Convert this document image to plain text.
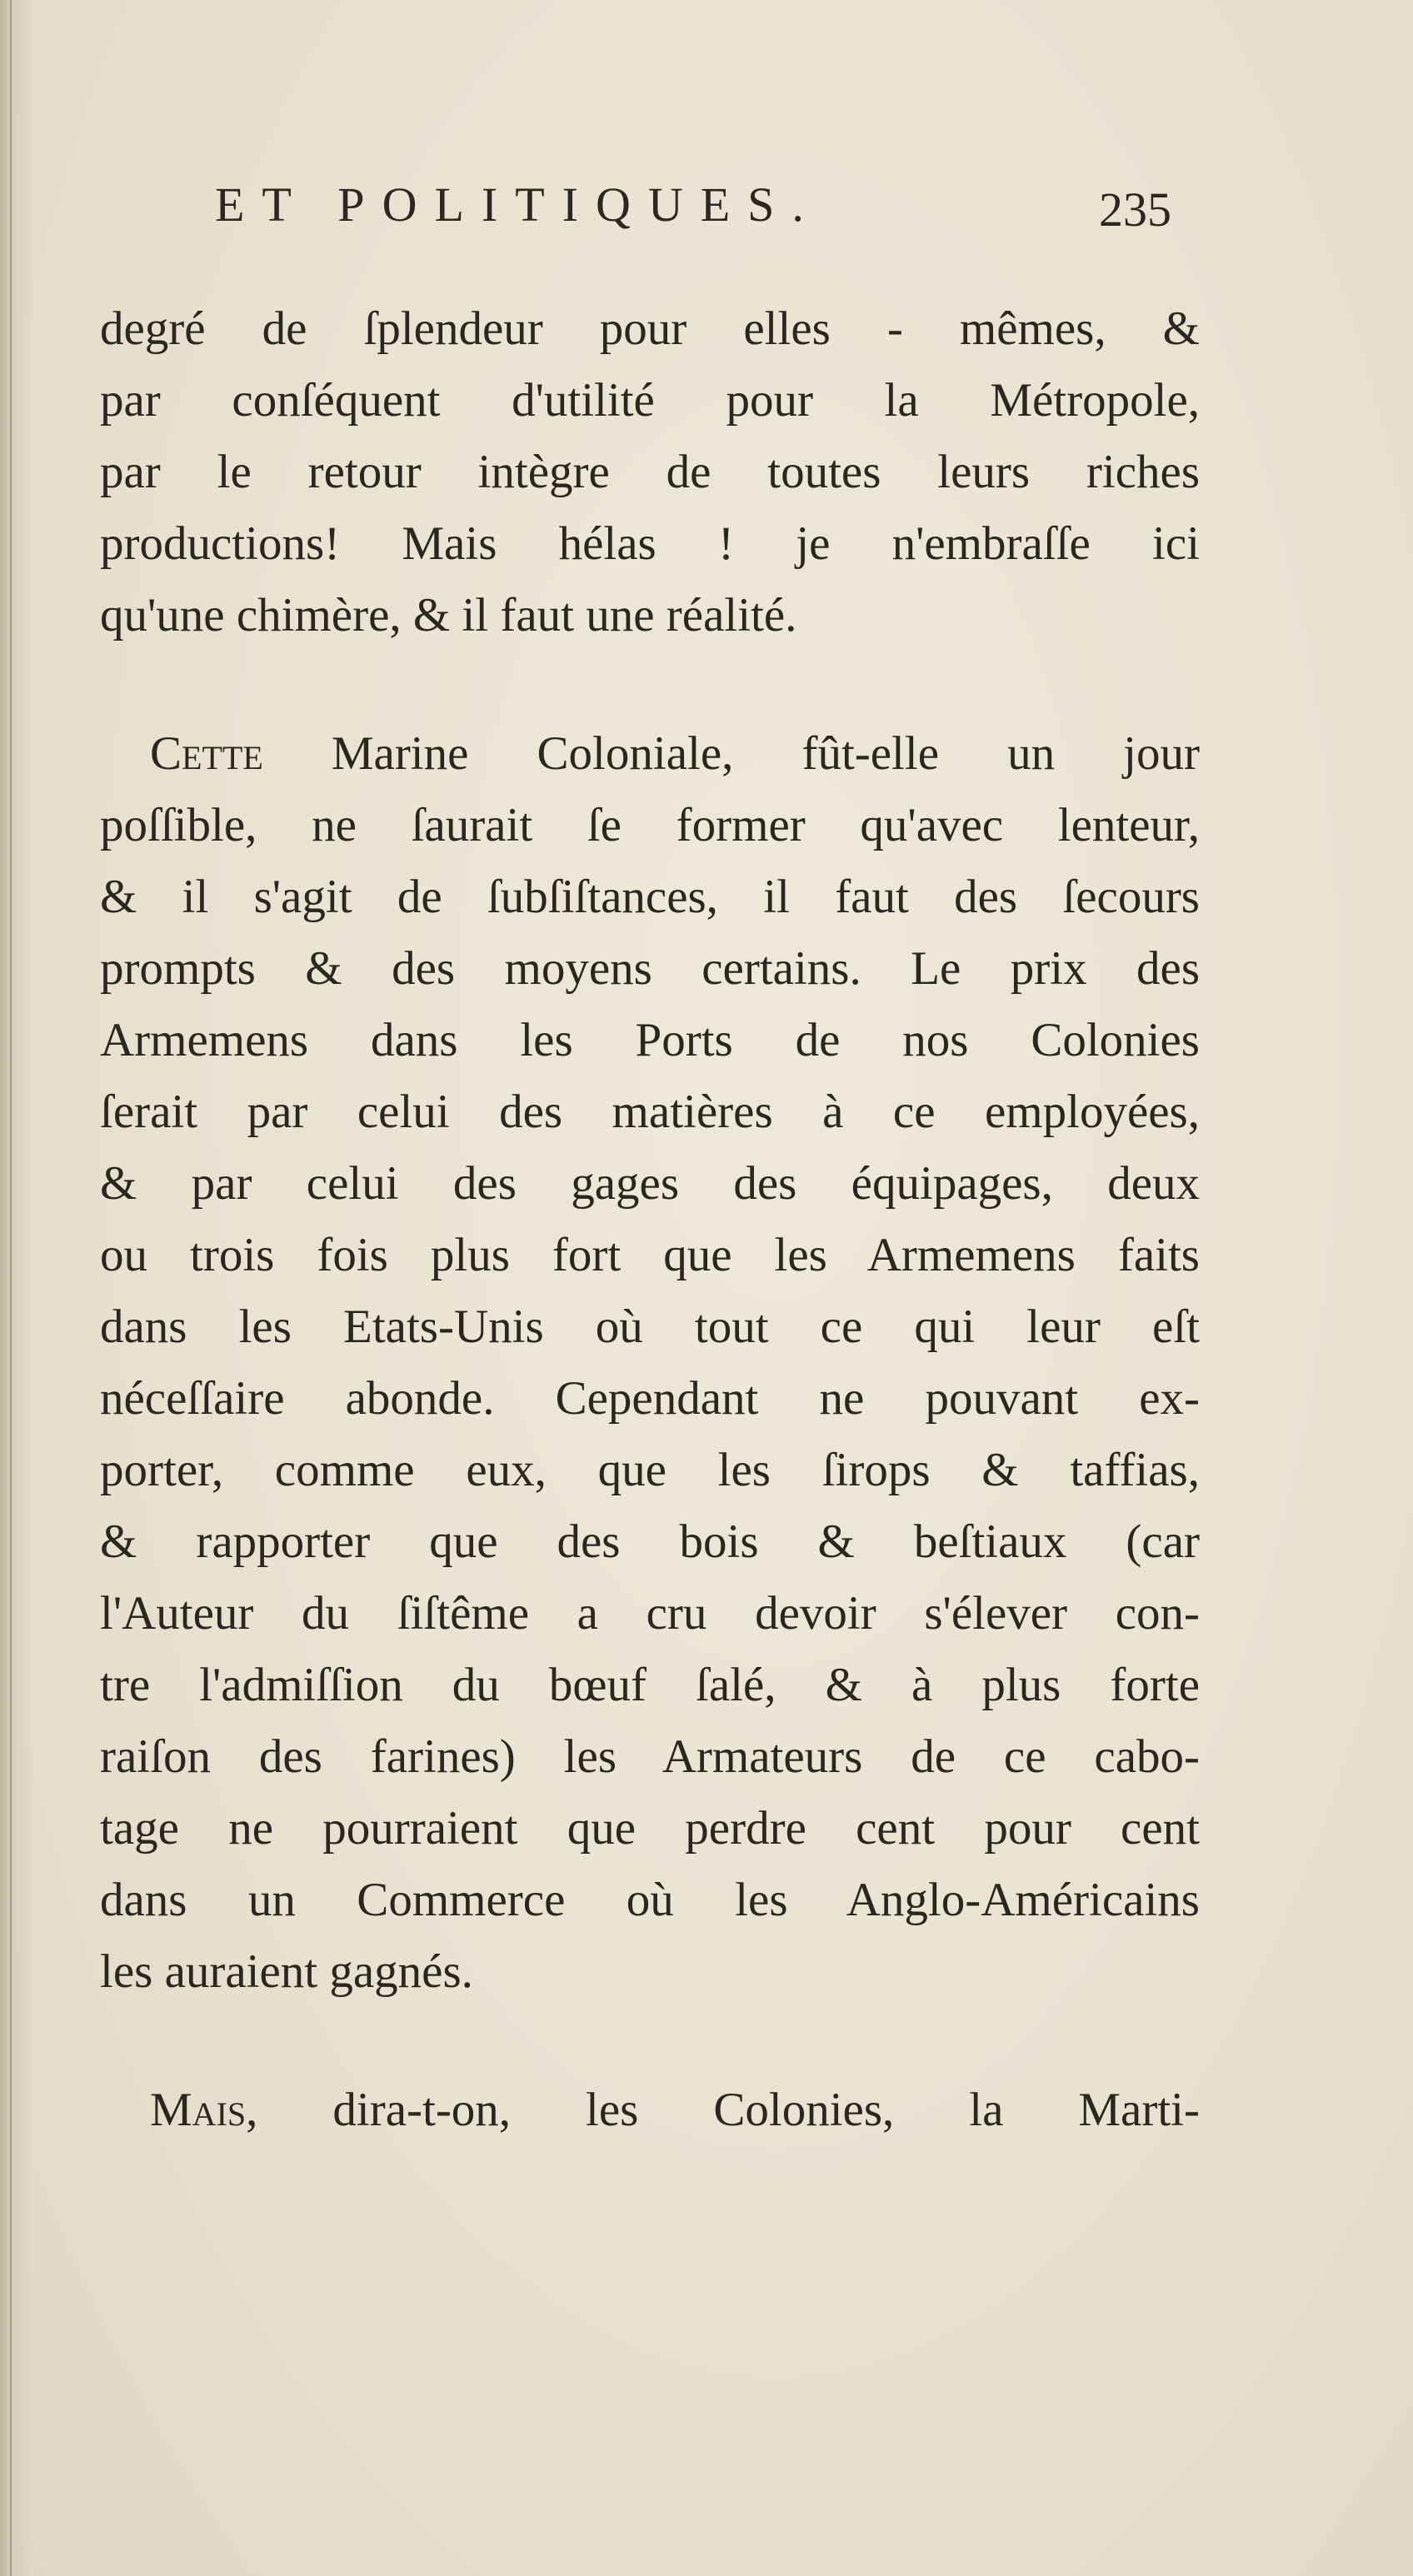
ET POLITIQUES.	235
degré de ſplendeur pour elles - mêmes, &
par conſéquent d'utilité pour la Métropole,
par le retour intègre de toutes leurs riches
productions! Mais hélas ! je n'embraſſe ici
qu'une chimère, & il faut une réalité.
Cette Marine Coloniale, fût-elle un jour
poſſible, ne ſaurait ſe former qu'avec lenteur,
& il s'agit de ſubſiſtances, il faut des ſecours
prompts & des moyens certains. Le prix des
Armemens dans les Ports de nos Colonies
ſerait par celui des matières à ce employées,
& par celui des gages des équipages, deux
ou trois fois plus fort que les Armemens faits
dans les Etats-Unis où tout ce qui leur eſt
néceſſaire abonde. Cependant ne pouvant ex-
porter, comme eux, que les ſirops & taffias,
& rapporter que des bois & beſtiaux (car
l'Auteur du ſiſtême a cru devoir s'élever con-
tre l'admiſſion du bœuf ſalé, & à plus forte
raiſon des farines) les Armateurs de ce cabo-
tage ne pourraient que perdre cent pour cent
dans un Commerce où les Anglo-Américains
les auraient gagnés.
Mais, dira-t-on, les Colonies, la Marti-
